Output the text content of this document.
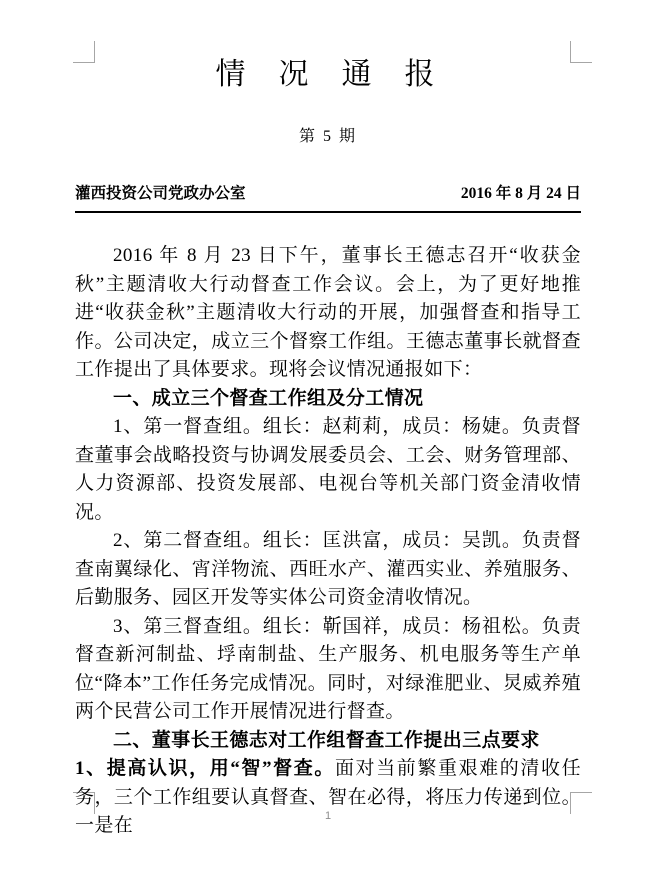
情  况  通  报
第 5 期
灌西投资公司党政办公室	2016 年 8 月 24 日

2016 年 8 月 23 日下午，董事长王德志召开“收获金秋”主题清收大行动督查工作会议。会上，为了更好地推进“收获金秋”主题清收大行动的开展，加强督查和指导工作。公司决定，成立三个督察工作组。王德志董事长就督查工作提出了具体要求。现将会议情况通报如下：

一、成立三个督查工作组及分工情况

1、第一督查组。组长：赵莉莉，成员：杨婕。负责督查董事会战略投资与协调发展委员会、工会、财务管理部、人力资源部、投资发展部、电视台等机关部门资金清收情况。

2、第二督查组。组长：匡洪富，成员：吴凯。负责督查南翼绿化、宵洋物流、西旺水产、灌西实业、养殖服务、后勤服务、园区开发等实体公司资金清收情况。

3、第三督查组。组长：靳国祥，成员：杨祖松。负责督查新河制盐、垺南制盐、生产服务、机电服务等生产单位“降本”工作任务完成情况。同时，对绿淮肥业、炅威养殖两个民营公司工作开展情况进行督查。

二、董事长王德志对工作组督查工作提出三点要求

1、提高认识，用“智”督查。面对当前繁重艰难的清收任务，三个工作组要认真督查、智在必得，将压力传递到位。一是在	1
